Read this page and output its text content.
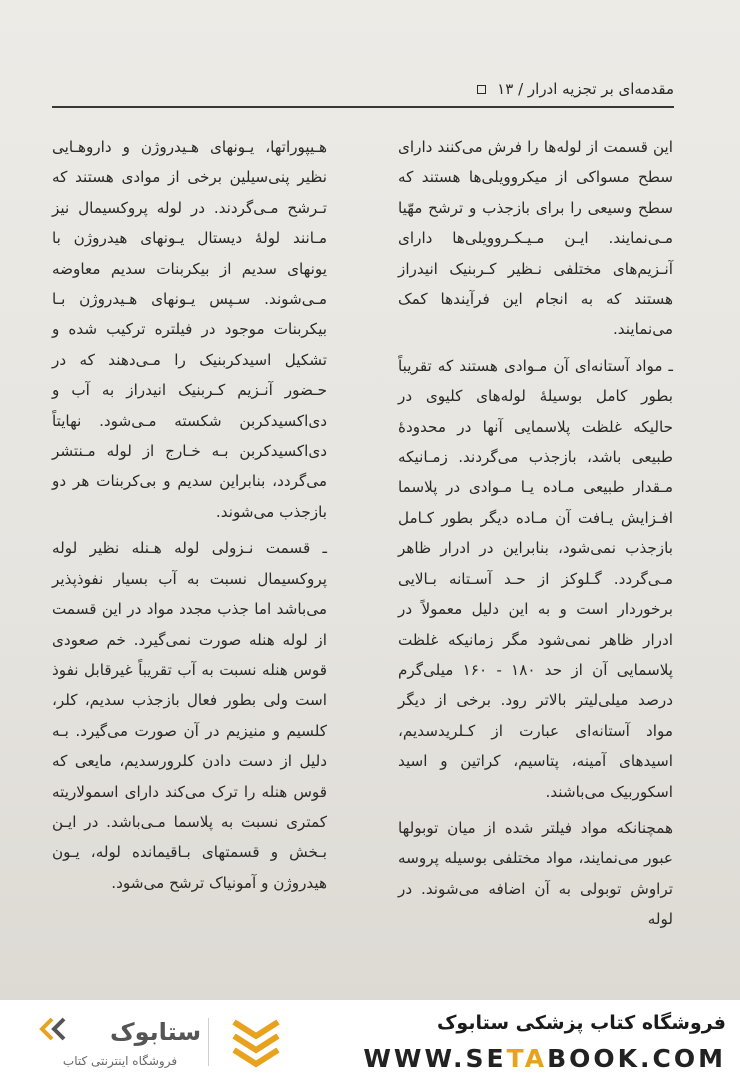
مقدمه‌ای بر تجزیه ادرار / ۱۳

این قسمت از لوله‌ها را فرش می‌کنند دارای سطح مسواکی از میکروویلی‌ها هستند که سطح وسیعی را برای بازجذب و ترشح مهّیا مـی‌نمایند. ایـن مـیـکـروویلی‌ها دارای آنـزیم‌های مختلفی نـظیر کـربنیک انیدراز هستند که به انجام این فرآیندها کمک می‌نمایند.

ـ مواد آستانه‌ای آن مـوادی هستند که تقریباً بطور کامل بوسیلهٔ لوله‌های کلیوی در حالیکه غلظت پلاسمایی آنها در محدودهٔ طبیعی باشد، بازجذب می‌گردند. زمـانیکه مـقدار طبیعی مـاده یـا مـوادی در پلاسما افـزایش یـافت آن مـاده دیگر بطور کـامل بازجذب نمی‌شود، بنابراین در ادرار ظاهر مـی‌گردد. گـلوکز از حـد آسـتانه بـالایی برخوردار است و به این دلیل معمولاً در ادرار ظاهر نمی‌شود مگر زمانیکه غلظت پلاسمایی آن از حد ۱۸۰ - ۱۶۰ میلی‌گرم درصد میلی‌لیتر بالاتر رود. برخی از دیگر مواد آستانه‌ای عبارت از کـلریدسدیم، اسیدهای آمینه، پتاسیم، کراتین و اسید اسکوربیک می‌باشند.

همچنانکه مواد فیلتر شده از میان توبولها عبور می‌نمایند، مواد مختلفی بوسیله پروسه تراوش توبولی به آن اضافه می‌شوند. در لوله

هـیپوراتها، یـونهای هـیدروژن و داروهـایی نظیر پنی‌سیلین برخی از موادی هستند که تـرشح مـی‌گردند. در لوله پروکسیمال نیز مـانند لولهٔ دیستال یـونهای هیدروژن با یونهای سدیم از بیکربنات سدیم معاوضه مـی‌شوند. سـپس یـونهای هـیدروژن بـا بیکربنات موجود در فیلتره ترکیب شده و تشکیل اسیدکربنیک را مـی‌دهند که در حـضور آنـزیم کـربنیک انیدراز به آب و دی‌اکسیدکربن شکسته مـی‌شود. نهایتاً دی‌اکسیدکربن بـه خـارج از لوله مـنتشر می‌گردد، بنابراین سدیم و بی‌کربنات هر دو بازجذب می‌شوند.

ـ قسمت نـزولی لوله هـنله نظیر لوله پروکسیمال نسبت به آب بسیار نفوذپذیر می‌باشد اما جذب مجدد مواد در این قسمت از لوله هنله صورت نمی‌گیرد. خم صعودی قوس هنله نسبت به آب تقریباً غیرقابل نفوذ است ولی بطور فعال بازجذب سدیم، کلر، کلسیم و منیزیم در آن صورت می‌گیرد. بـه دلیل از دست دادن کلرورسدیم، مایعی که قوس هنله را ترک می‌کند دارای اسمولاریته کمتری نسبت به پلاسما مـی‌باشد. در ایـن بـخش و قسمتهای بـاقیمانده لوله، یـون هیدروژن و آمونیاک ترشح می‌شود.

فروشگاه کتاب پزشکی ستابوک
WWW.SETABOOK.COM
ستابوک
فروشگاه اینترنتی کتاب
